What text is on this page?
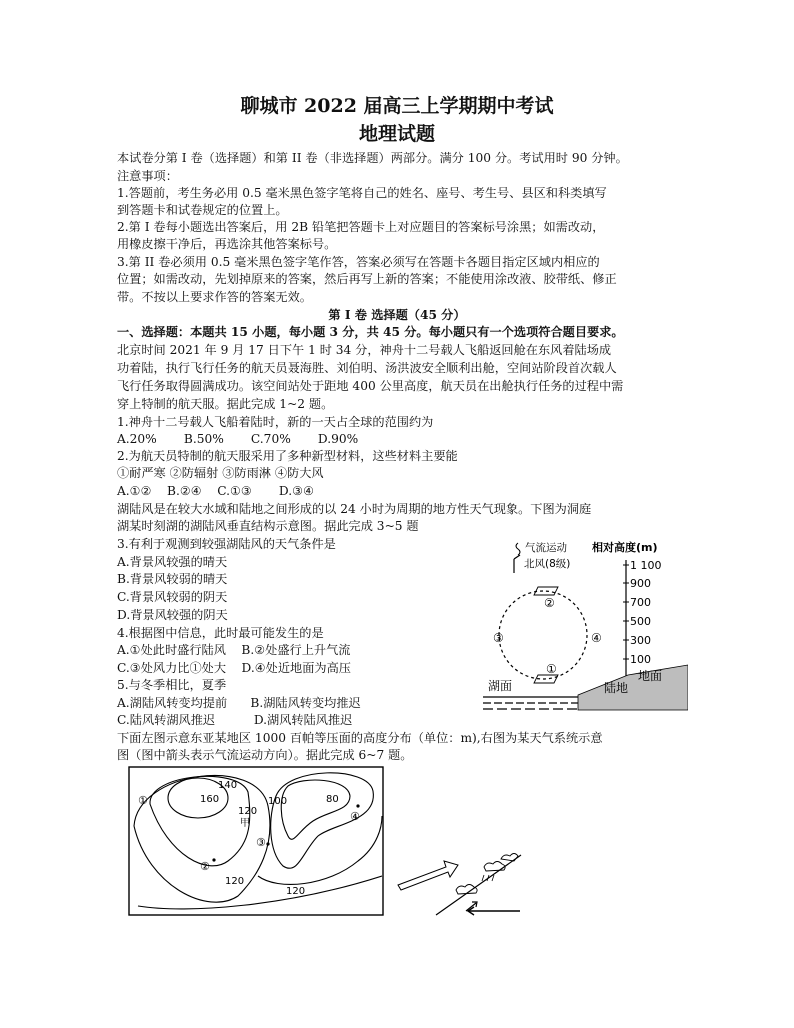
聊城市 2022 届高三上学期期中考试
地理试题
本试卷分第 I 卷（选择题）和第 II 卷（非选择题）两部分。满分 100 分。考试用时 90 分钟。
注意事项：
1.答题前，考生务必用 0.5 毫米黑色签字笔将自己的姓名、座号、考生号、县区和科类填写
到答题卡和试卷规定的位置上。
2.第 I 卷每小题选出答案后，用 2B 铅笔把答题卡上对应题目的答案标号涂黑；如需改动，
用橡皮擦干净后，再选涂其他答案标号。
3.第 II 卷必须用 0.5 毫米黑色签字笔作答，答案必须写在答题卡各题目指定区域内相应的
位置；如需改动，先划掉原来的答案，然后再写上新的答案；不能使用涂改液、胶带纸、修正
带。不按以上要求作答的答案无效。
第 I 卷 选择题（45 分）
一、选择题：本题共 15 小题，每小题 3 分，共 45 分。每小题只有一个选项符合题目要求。
北京时间 2021 年 9 月 17 日下午 1 时 34 分，神舟十二号载人飞船返回舱在东风着陆场成
功着陆，执行飞行任务的航天员聂海胜、刘伯明、汤洪波安全顺利出舱，空间站阶段首次载人
飞行任务取得圆满成功。该空间站处于距地 400 公里高度，航天员在出舱执行任务的过程中需
穿上特制的航天服。据此完成 1~2 题。
1.神舟十二号载人飞船着陆时，新的一天占全球的范围约为
A.20%       B.50%       C.70%       D.90%
2.为航天员特制的航天服采用了多种新型材料，这些材料主要能
①耐严寒 ②防辐射 ③防雨淋 ④防大风
A.①②    B.②④    C.①③       D.③④
湖陆风是在较大水域和陆地之间形成的以 24 小时为周期的地方性天气现象。下图为洞庭
湖某时刻湖的湖陆风垂直结构示意图。据此完成 3~5 题
3.有利于观测到较强湖陆风的天气条件是
A.背景风较强的晴天
B.背景风较弱的晴天
C.背景风较弱的阴天
D.背景风较强的阴天
4.根据图中信息，此时最可能发生的是
A.①处此时盛行陆风    B.②处盛行上升气流
C.③处风力比①处大    D.④处近地面为高压
5.与冬季相比，夏季
A.湖陆风转变均提前      B.湖陆风转变均推迟
C.陆风转湖风推迟          D.湖风转陆风推迟
下面左图示意东亚某地区 1000 百帕等压面的高度分布（单位：m),右图为某天气系统示意
图（图中箭头表示气流运动方向）。据此完成 6~7 题。
气流运动
北风(8级)
相对高度(m)
②
①
③	④
1 100
900
700
500
300
100
陆地
地面
湖面
140
160
120
100	80
120
120
甲
①
②
③
④
